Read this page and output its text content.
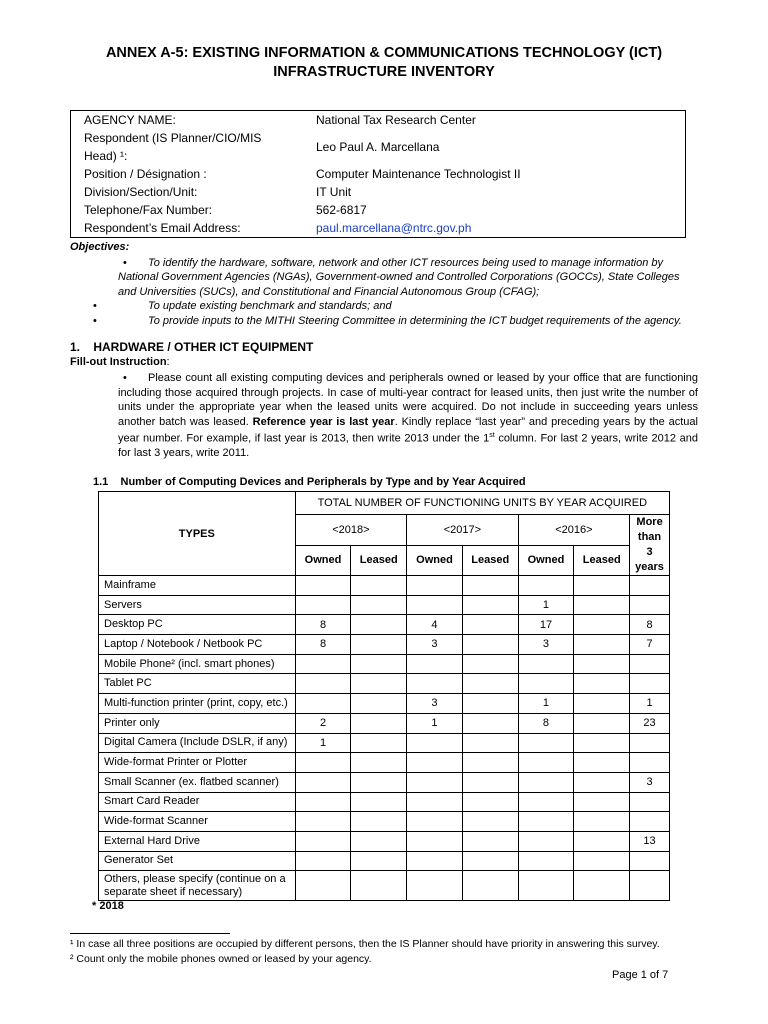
ANNEX A-5: EXISTING INFORMATION & COMMUNICATIONS TECHNOLOGY (ICT)
INFRASTRUCTURE INVENTORY
AGENCY NAME:	National Tax Research Center
Respondent (IS Planner/CIO/MIS Head) ¹:	Leo Paul A. Marcellana
Position / Désignation :	Computer Maintenance Technologist II
Division/Section/Unit:	IT Unit
Telephone/Fax Number:	562-6817
Respondent’s Email Address:	paul.marcellana@ntrc.gov.ph
Objectives:
• To identify the hardware, software, network and other ICT resources being used to manage information by National Government Agencies (NGAs), Government-owned and Controlled Corporations (GOCCs), State Colleges and Universities (SUCs), and Constitutional and Financial Autonomous Group (CFAG);
• To update existing benchmark and standards; and
• To provide inputs to the MITHI Steering Committee in determining the ICT budget requirements of the agency.
1.    HARDWARE / OTHER ICT EQUIPMENT
Fill-out Instruction:
• Please count all existing computing devices and peripherals owned or leased by your office that are functioning including those acquired through projects. In case of multi-year contract for leased units, then just write the number of units under the appropriate year when the leased units were acquired. Do not include in succeeding years unless another batch was leased. Reference year is last year. Kindly replace “last year” and preceding years by the actual year number. For example, if last year is 2013, then write 2013 under the 1st column. For last 2 years, write 2012 and for last 3 years, write 2011.
1.1    Number of Computing Devices and Peripherals by Type and by Year Acquired
TYPES	TOTAL NUMBER OF FUNCTIONING UNITS BY YEAR ACQUIRED						
	<2018>		<2017>		<2016>		More than 3 years
	Owned	Leased	Owned	Leased	Owned	Leased	
Mainframe							
Servers					1		
Desktop PC	8		4		17		8
Laptop / Notebook / Netbook PC	8		3		3		7
Mobile Phone² (incl. smart phones)							
Tablet PC							
Multi-function printer (print, copy, etc.)			3		1		1
Printer only	2		1		8		23
Digital Camera (Include DSLR, if any)	1						
Wide-format Printer or Plotter							
Small Scanner (ex. flatbed scanner)							3
Smart Card Reader							
Wide-format Scanner							
External Hard Drive							13
Generator Set							
Others, please specify (continue on a separate sheet if necessary)							
* 2018
¹ In case all three positions are occupied by different persons, then the IS Planner should have priority in answering this survey.
² Count only the mobile phones owned or leased by your agency.
Page 1 of 7
